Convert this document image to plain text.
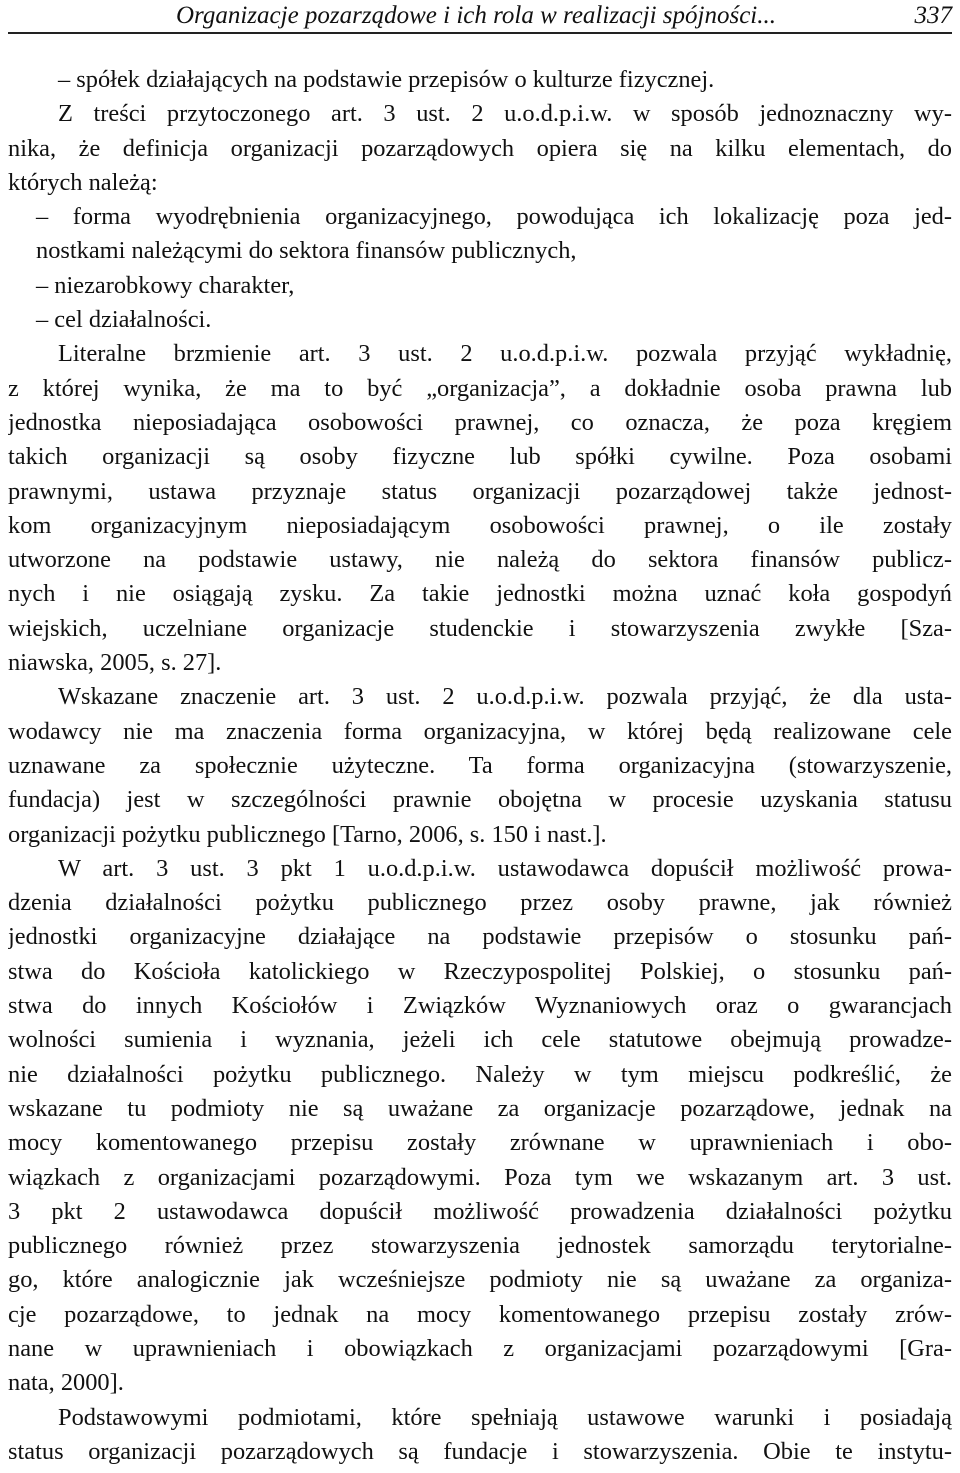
Organizacje pozarządowe i ich rola w realizacji spójności...	337
– spółek działających na podstawie przepisów o kulturze fizycznej.
Z treści przytoczonego art. 3 ust. 2 u.o.d.p.i.w. w sposób jednoznaczny wy-
nika, że definicja organizacji pozarządowych opiera się na kilku elementach, do
których należą:
– forma wyodrębnienia organizacyjnego, powodująca ich lokalizację poza jed-
nostkami należącymi do sektora finansów publicznych,
– niezarobkowy charakter,
– cel działalności.
Literalne brzmienie art. 3 ust. 2 u.o.d.p.i.w. pozwala przyjąć wykładnię,
z której wynika, że ma to być „organizacja”, a dokładnie osoba prawna lub
jednostka nieposiadająca osobowości prawnej, co oznacza, że poza kręgiem
takich organizacji są osoby fizyczne lub spółki cywilne. Poza osobami
prawnymi, ustawa przyznaje status organizacji pozarządowej także jednost-
kom organizacyjnym nieposiadającym osobowości prawnej, o ile zostały
utworzone na podstawie ustawy, nie należą do sektora finansów publicz-
nych i nie osiągają zysku. Za takie jednostki można uznać koła gospodyń
wiejskich, uczelniane organizacje studenckie i stowarzyszenia zwykłe [Sza-
niawska, 2005, s. 27].
Wskazane znaczenie art. 3 ust. 2 u.o.d.p.i.w. pozwala przyjąć, że dla usta-
wodawcy nie ma znaczenia forma organizacyjna, w której będą realizowane cele
uznawane za społecznie użyteczne. Ta forma organizacyjna (stowarzyszenie,
fundacja) jest w szczególności prawnie obojętna w procesie uzyskania statusu
organizacji pożytku publicznego [Tarno, 2006, s. 150 i nast.].
W art. 3 ust. 3 pkt 1 u.o.d.p.i.w. ustawodawca dopuścił możliwość prowa-
dzenia działalności pożytku publicznego przez osoby prawne, jak również
jednostki organizacyjne działające na podstawie przepisów o stosunku pań-
stwa do Kościoła katolickiego w Rzeczypospolitej Polskiej, o stosunku pań-
stwa do innych Kościołów i Związków Wyznaniowych oraz o gwarancjach
wolności sumienia i wyznania, jeżeli ich cele statutowe obejmują prowadze-
nie działalności pożytku publicznego. Należy w tym miejscu podkreślić, że
wskazane tu podmioty nie są uważane za organizacje pozarządowe, jednak na
mocy komentowanego przepisu zostały zrównane w uprawnieniach i obo-
wiązkach z organizacjami pozarządowymi. Poza tym we wskazanym art. 3 ust.
3 pkt 2 ustawodawca dopuścił możliwość prowadzenia działalności pożytku
publicznego również przez stowarzyszenia jednostek samorządu terytorialne-
go, które analogicznie jak wcześniejsze podmioty nie są uważane za organiza-
cje pozarządowe, to jednak na mocy komentowanego przepisu zostały zrów-
nane w uprawnieniach i obowiązkach z organizacjami pozarządowymi [Gra-
nata, 2000].
Podstawowymi podmiotami, które spełniają ustawowe warunki i posiadają
status organizacji pozarządowych są fundacje i stowarzyszenia. Obie te instytu-
